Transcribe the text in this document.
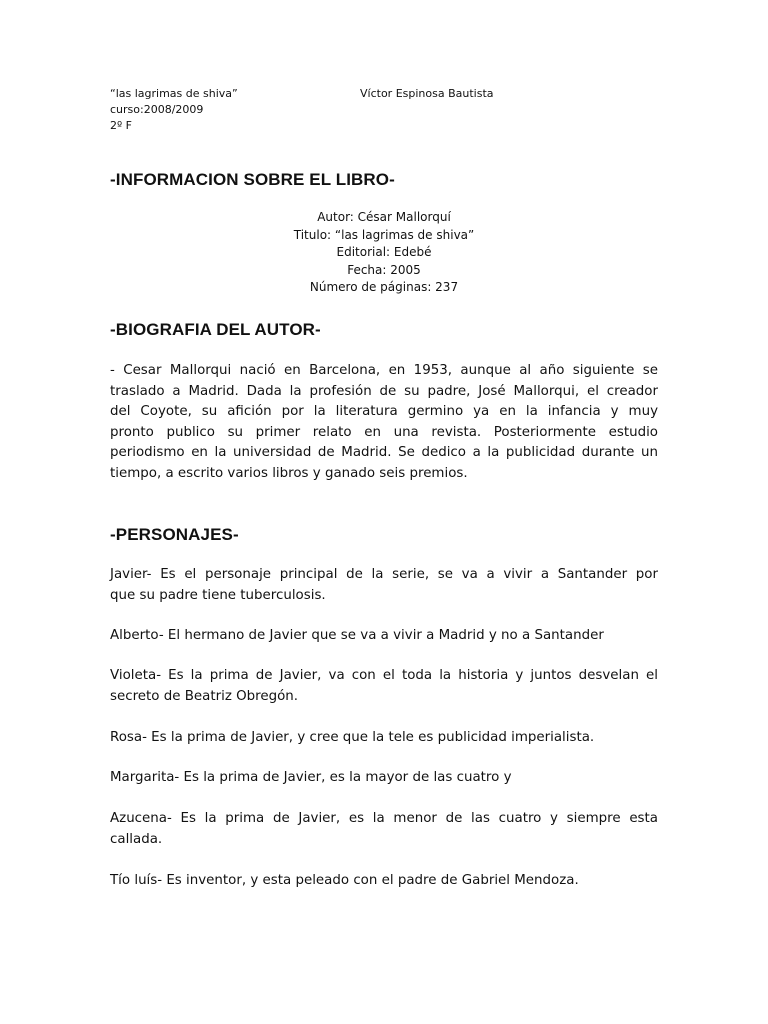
“las lagrimas de shiva”
curso:2008/2009
2º F
Víctor Espinosa Bautista
-INFORMACION SOBRE EL LIBRO-
Autor: César Mallorquí
Titulo: “las lagrimas de shiva”
Editorial: Edebé
Fecha: 2005
Número de páginas: 237
-BIOGRAFIA DEL AUTOR-
- Cesar Mallorqui nació en Barcelona, en 1953, aunque al año siguiente se
traslado a Madrid. Dada la profesión de su padre, José Mallorqui, el creador
del Coyote, su afición por la literatura germino ya en la infancia y muy
pronto publico su primer relato en una revista. Posteriormente estudio
periodismo en la universidad de Madrid. Se dedico a la publicidad durante un
tiempo, a escrito varios libros y ganado seis premios.
-PERSONAJES-
Javier- Es el personaje principal de la serie, se va a vivir a Santander por
que su padre tiene tuberculosis.
Alberto- El hermano de Javier que se va a vivir a Madrid y no a Santander
Violeta- Es la prima de Javier, va con el toda la historia y juntos desvelan el
secreto de Beatriz Obregón.
Rosa- Es la prima de Javier, y cree que la tele es publicidad imperialista.
Margarita- Es la prima de Javier, es la mayor de las cuatro y
Azucena- Es la prima de Javier, es la menor de las cuatro y siempre esta
callada.
Tío luís- Es inventor, y esta peleado con el padre de Gabriel Mendoza.
